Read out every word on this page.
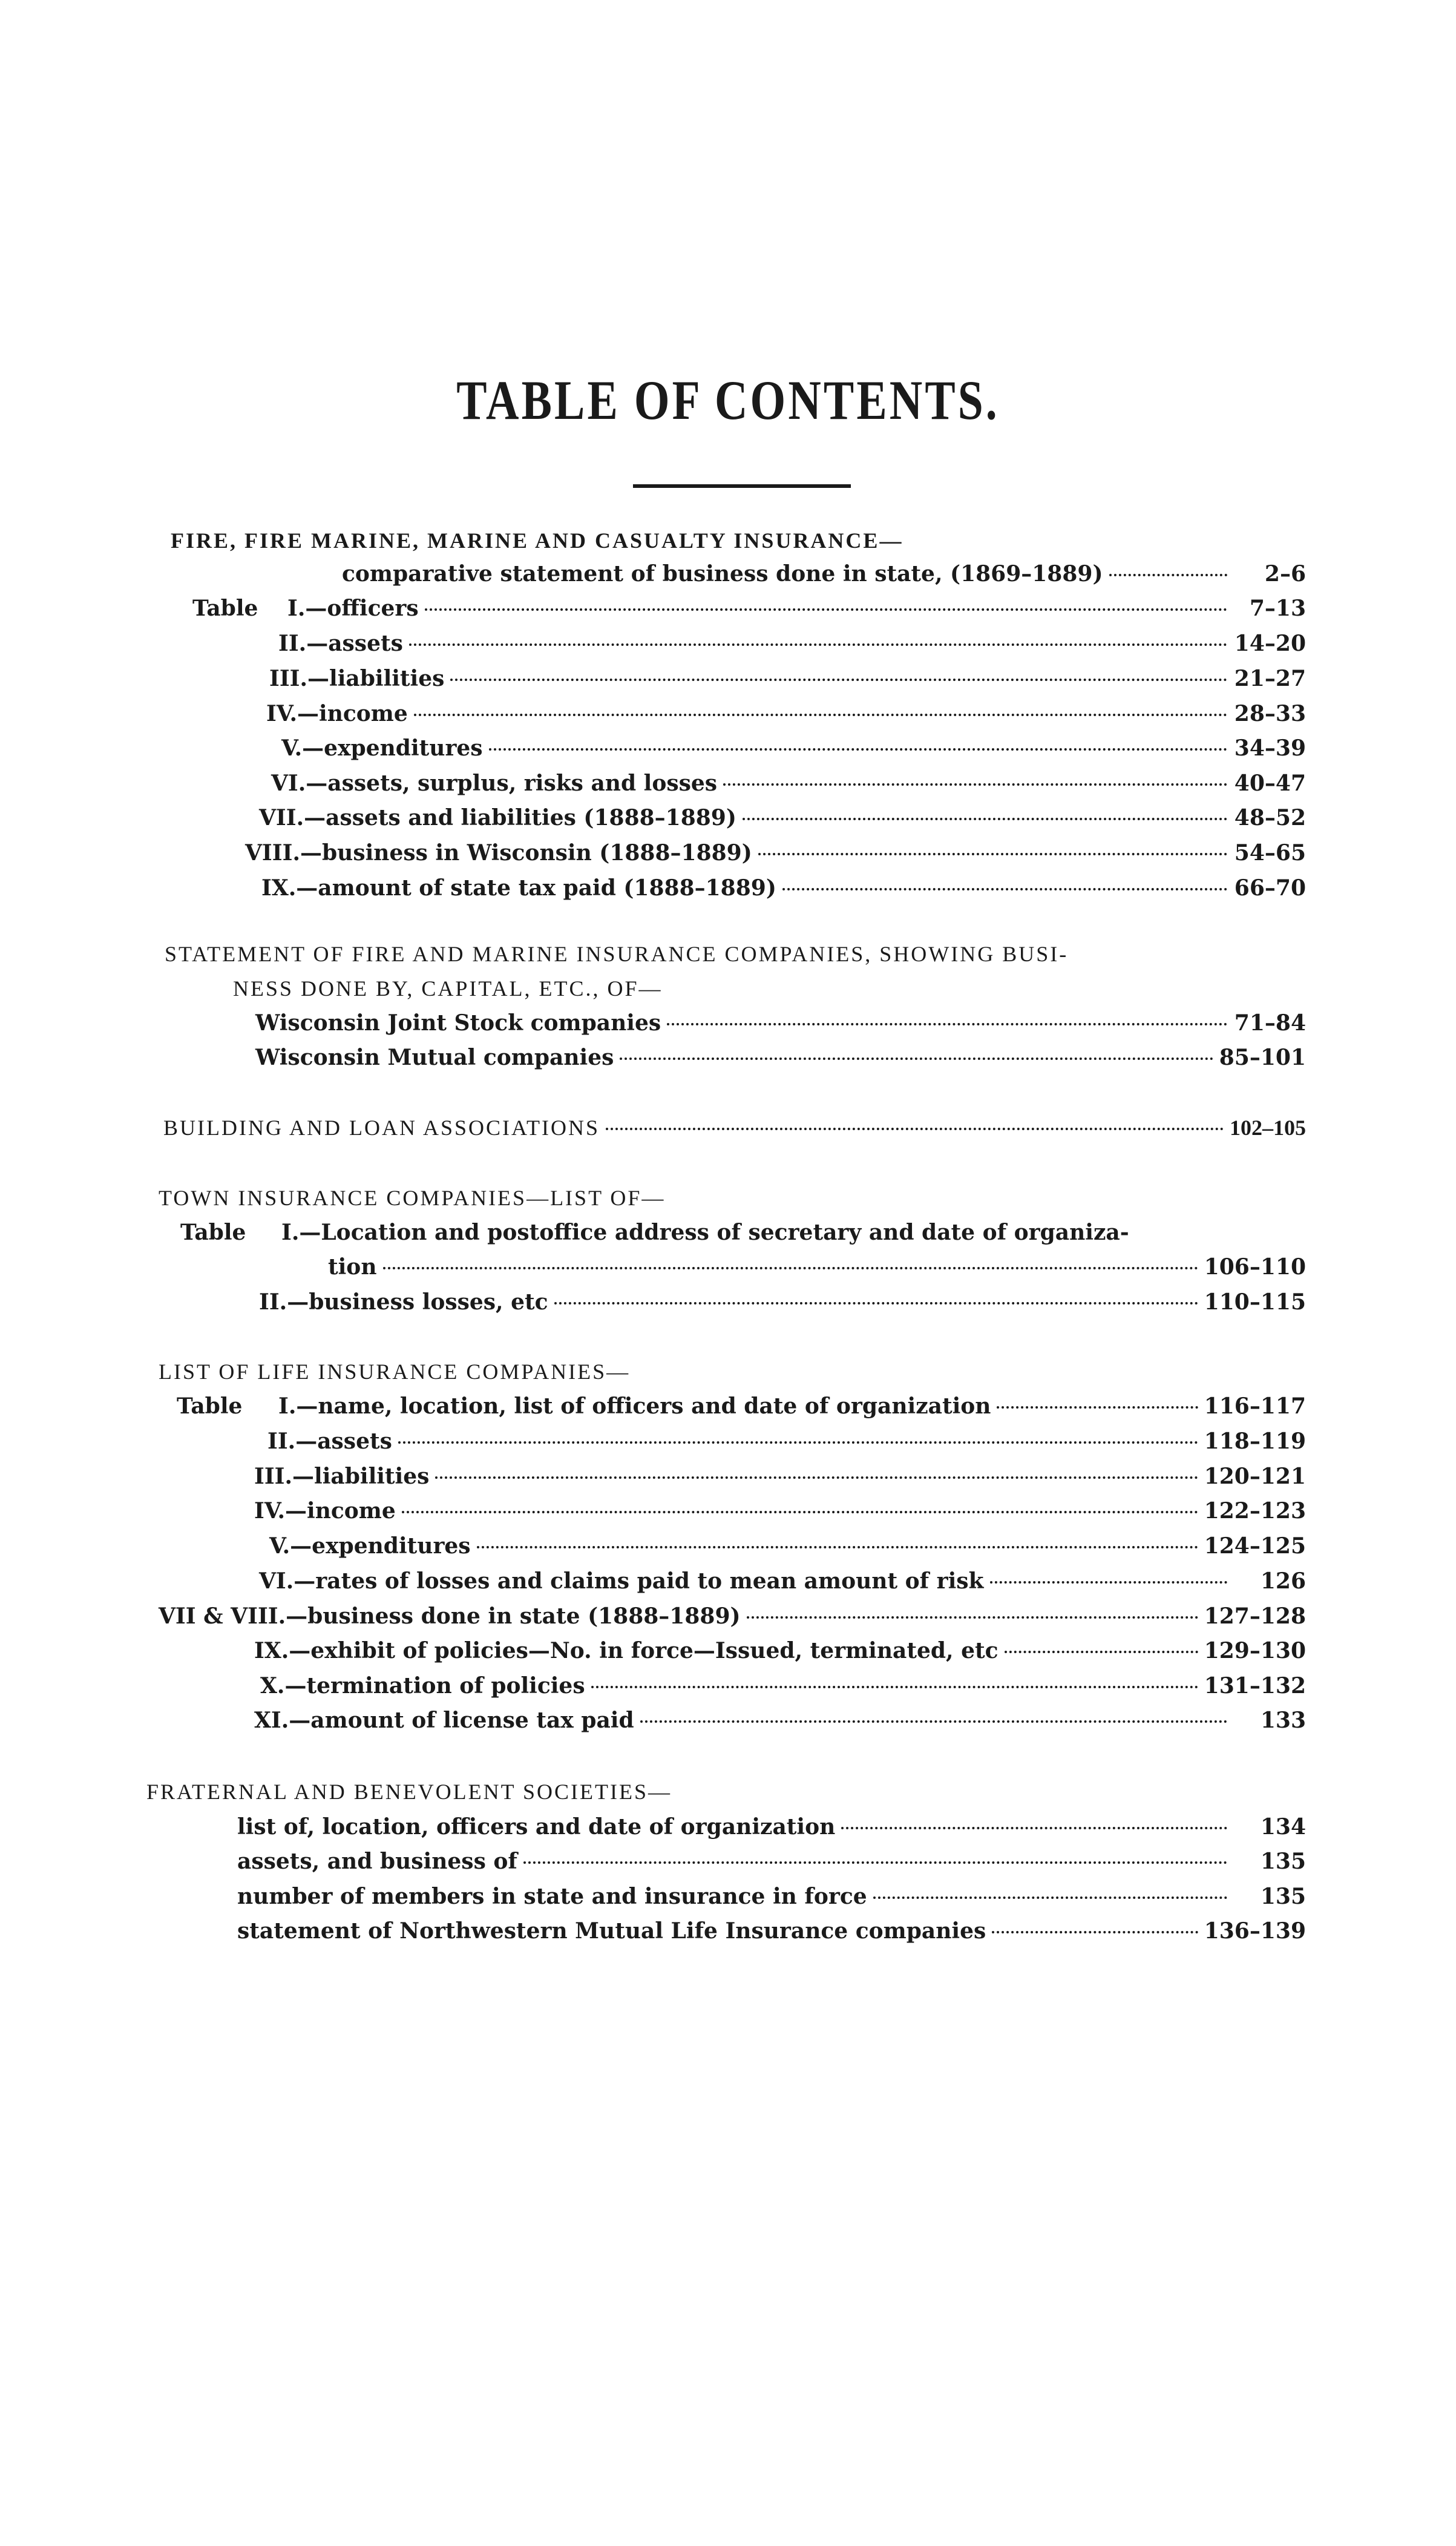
TABLE OF CONTENTS.
FIRE, FIRE MARINE, MARINE AND CASUALTY INSURANCE—
comparative statement of business done in state, (1869–1889)	2–6
Table I.—officers	7–13
II.—assets	14–20
III.—liabilities	21–27
IV.—income	28–33
V.—expenditures	34–39
VI.—assets, surplus, risks and losses	40–47
VII.—assets and liabilities (1888–1889)	48–52
VIII.—business in Wisconsin (1888–1889)	54–65
IX.—amount of state tax paid (1888–1889)	66–70
STATEMENT OF FIRE AND MARINE INSURANCE COMPANIES, SHOWING BUSI-
NESS DONE BY, CAPITAL, ETC., OF—
Wisconsin Joint Stock companies	71–84
Wisconsin Mutual companies	85–101
BUILDING AND LOAN ASSOCIATIONS	102–105
TOWN INSURANCE COMPANIES—LIST OF—
Table I.—Location and postoffice address of secretary and date of organiza-
tion	106–110
II.—business losses, etc	110–115
LIST OF LIFE INSURANCE COMPANIES—
Table I.—name, location, list of officers and date of organization	116–117
II.—assets	118–119
III.—liabilities	120–121
IV.—income	122–123
V.—expenditures	124–125
VI.—rates of losses and claims paid to mean amount of risk	126
VII & VIII.—business done in state (1888–1889)	127–128
IX.—exhibit of policies—No. in force—Issued, terminated, etc	129–130
X.—termination of policies	131–132
XI.—amount of license tax paid	133
FRATERNAL AND BENEVOLENT SOCIETIES—
list of, location, officers and date of organization	134
assets, and business of	135
number of members in state and insurance in force	135
statement of Northwestern Mutual Life Insurance companies	136–139
